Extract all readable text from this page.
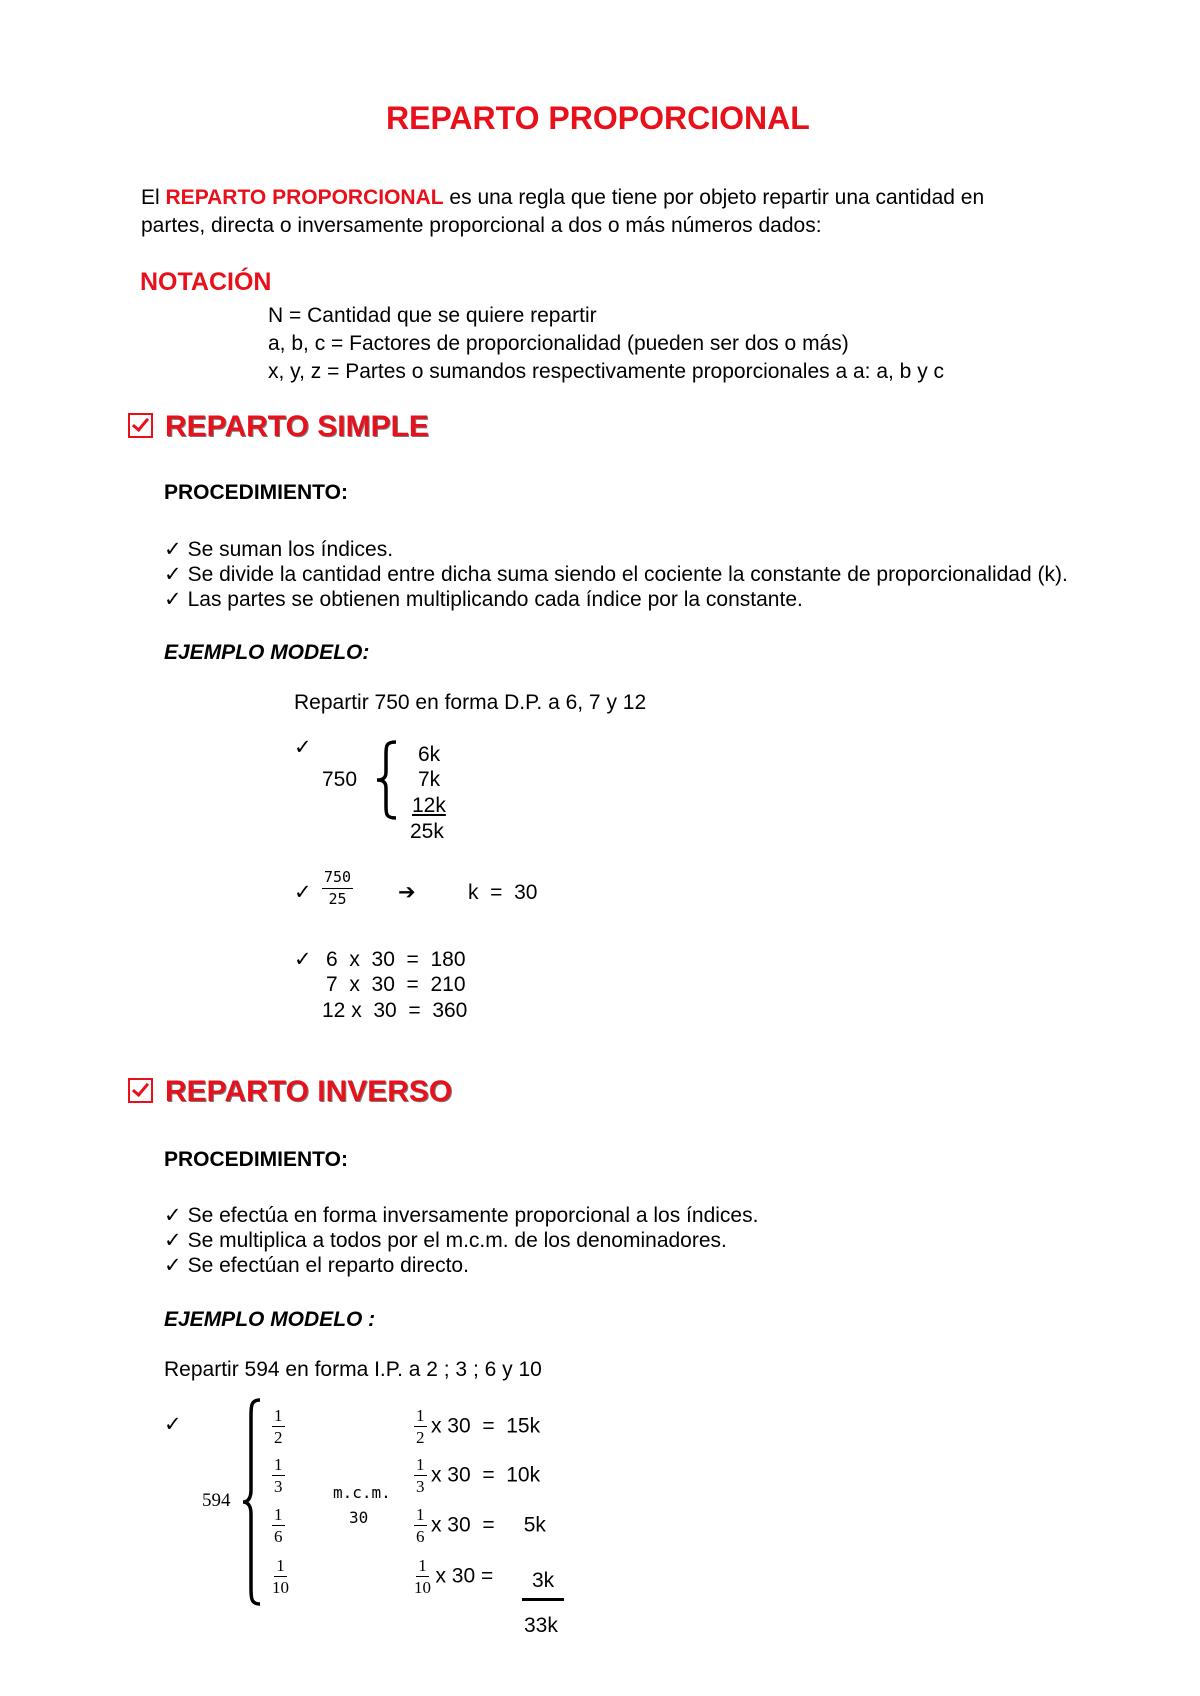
REPARTO PROPORCIONAL
El REPARTO PROPORCIONAL es una regla que tiene por objeto repartir una cantidad en
partes, directa o inversamente proporcional a dos o más números dados:
NOTACIÓN
N = Cantidad que se quiere repartir
a, b, c = Factores de proporcionalidad (pueden ser dos o más)
x, y, z = Partes o sumandos respectivamente proporcionales a a: a, b y c
REPARTO SIMPLE
PROCEDIMIENTO:
✓ Se suman los índices.
✓ Se divide la cantidad entre dicha suma siendo el cociente la constante de proporcionalidad (k).
✓ Las partes se obtienen multiplicando cada índice por la constante.
EJEMPLO MODELO:
Repartir 750 en forma D.P. a 6, 7 y 12
✓
750
6k
7k
12k
25k
✓ $\frac{750}{25}$ ➔ k  =  30
✓ 6  x  30  =  180
7  x  30  =  210
12 x  30  =  360
REPARTO INVERSO
PROCEDIMIENTO:
✓ Se efectúa en forma inversamente proporcional a los índices.
✓ Se multiplica a todos por el m.c.m. de los denominadores.
✓ Se efectúan el reparto directo.
EJEMPLO MODELO :
Repartir 594 en forma I.P. a 2 ; 3 ; 6 y 10
✓
594
$\frac{1}{2}$
$\frac{1}{3}$
$\frac{1}{6}$
$\frac{1}{10}$
m.c.m.
30
$\frac{1}{2}$ x 30  =  15k
$\frac{1}{3}$ x 30  =  10k
$\frac{1}{6}$ x 30  =     5k
$\frac{1}{10}$ x 30 = 3k
33k
